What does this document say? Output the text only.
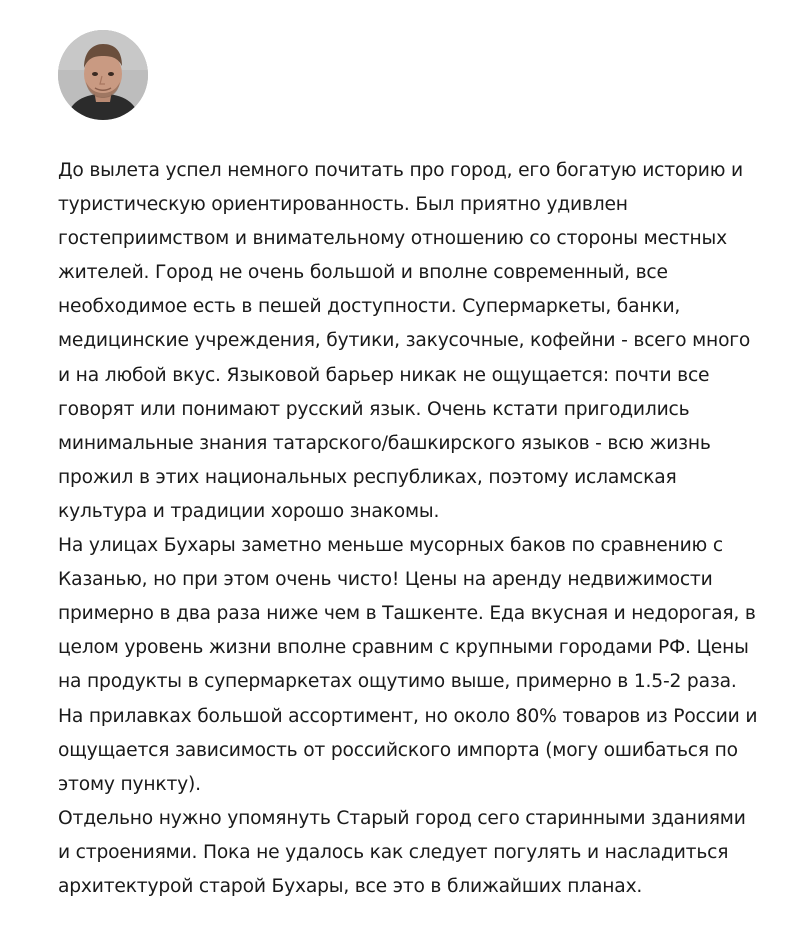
До вылета успел немного почитать про город, его богатую историю и туристическую ориентированность. Был приятно удивлен гостеприимством и внимательному отношению со стороны местных жителей. Город не очень большой и вполне современный, все необходимое есть в пешей доступности. Супермаркеты, банки, медицинские учреждения, бутики, закусочные, кофейни - всего много и на любой вкус. Языковой барьер никак не ощущается: почти все говорят или понимают русский язык. Очень кстати пригодились минимальные знания татарского/башкирского языков - всю жизнь прожил в этих национальных республиках, поэтому исламская культура и традиции хорошо знакомы.

На улицах Бухары заметно меньше мусорных баков по сравнению с Казанью, но при этом очень чисто! Цены на аренду недвижимости примерно в два раза ниже чем в Ташкенте. Еда вкусная и недорогая, в целом уровень жизни вполне сравним с крупными городами РФ. Цены на продукты в супермаркетах ощутимо выше, примерно в 1.5-2 раза. На прилавках большой ассортимент, но около 80% товаров из России и ощущается зависимость от российского импорта (могу ошибаться по этому пункту).

Отдельно нужно упомянуть Старый город сего старинными зданиями и строениями. Пока не удалось как следует погулять и насладиться архитектурой старой Бухары, все это в ближайших планах.
